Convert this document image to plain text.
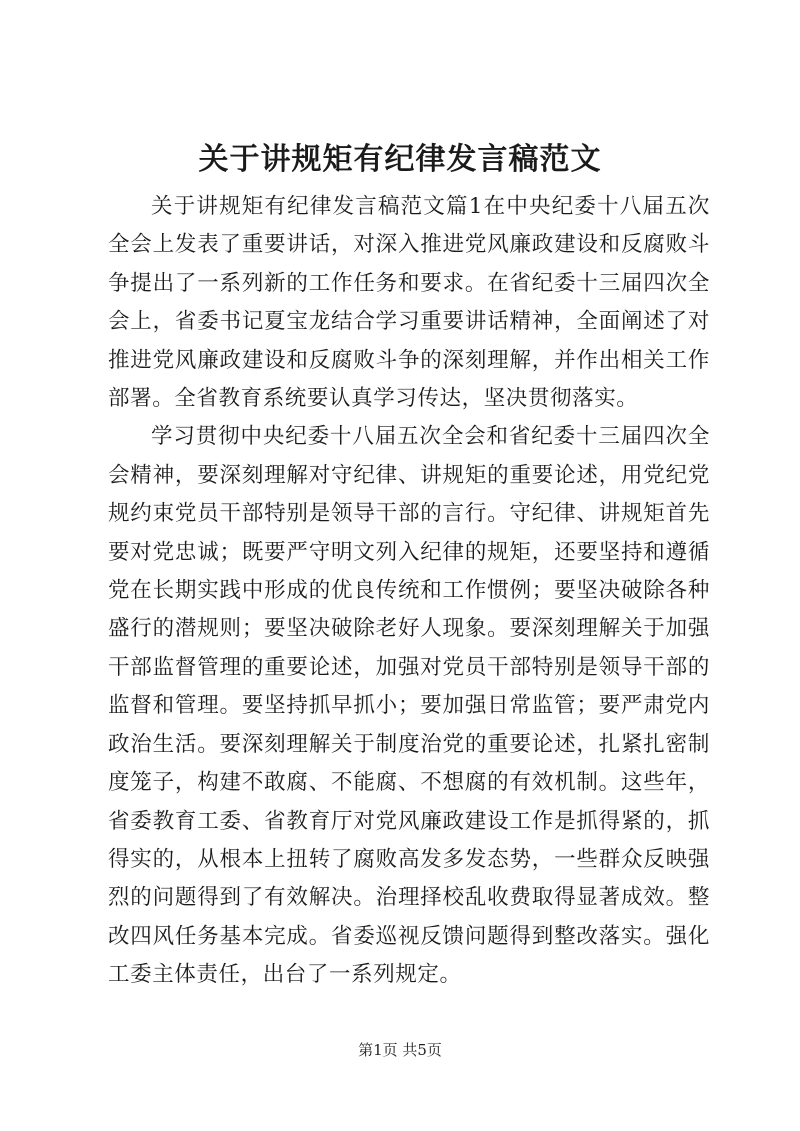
关于讲规矩有纪律发言稿范文

关于讲规矩有纪律发言稿范文篇1在中央纪委十八届五次全会上发表了重要讲话，对深入推进党风廉政建设和反腐败斗争提出了一系列新的工作任务和要求。在省纪委十三届四次全会上，省委书记夏宝龙结合学习重要讲话精神，全面阐述了对推进党风廉政建设和反腐败斗争的深刻理解，并作出相关工作部署。全省教育系统要认真学习传达，坚决贯彻落实。

学习贯彻中央纪委十八届五次全会和省纪委十三届四次全会精神，要深刻理解对守纪律、讲规矩的重要论述，用党纪党规约束党员干部特别是领导干部的言行。守纪律、讲规矩首先要对党忠诚；既要严守明文列入纪律的规矩，还要坚持和遵循党在长期实践中形成的优良传统和工作惯例；要坚决破除各种盛行的潜规则；要坚决破除老好人现象。要深刻理解关于加强干部监督管理的重要论述，加强对党员干部特别是领导干部的监督和管理。要坚持抓早抓小；要加强日常监管；要严肃党内政治生活。要深刻理解关于制度治党的重要论述，扎紧扎密制度笼子，构建不敢腐、不能腐、不想腐的有效机制。这些年，省委教育工委、省教育厅对党风廉政建设工作是抓得紧的，抓得实的，从根本上扭转了腐败高发多发态势，一些群众反映强烈的问题得到了有效解决。治理择校乱收费取得显著成效。整改四风任务基本完成。省委巡视反馈问题得到整改落实。强化工委主体责任，出台了一系列规定。

第1页 共5页
